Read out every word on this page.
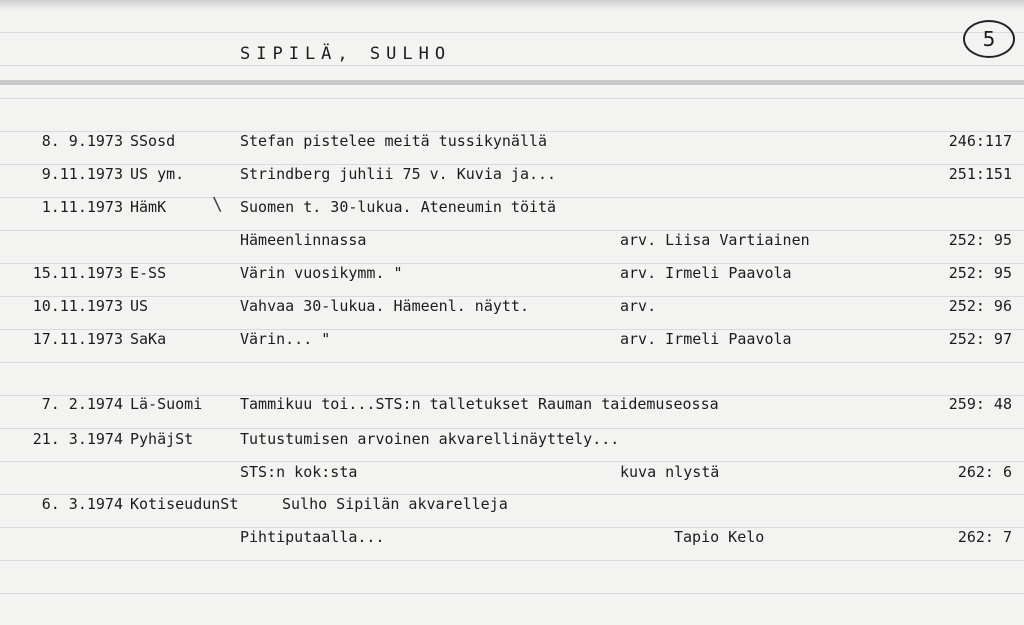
SIPILÄ, SULHO
5
8. 9.1973 SSosd	Stefan pistelee meitä tussikynällä	246:117
9.11.1973 US ym.	Strindberg juhlii 75 v. Kuvia ja...	251:151
1.11.1973 HämK	\ Suomen t. 30-lukua. Ateneumin töitä
Hämeenlinnassa	arv. Liisa Vartiainen	252: 95
15.11.1973 E-SS	Värin vuosikymm. "	arv. Irmeli Paavola	252: 95
10.11.1973 US	Vahvaa 30-lukua. Hämeenl. näytt.	arv.	252: 96
17.11.1973 SaKa	Värin... "	arv. Irmeli Paavola	252: 97
7. 2.1974 Lä-Suomi	Tammikuu toi...STS:n talletukset Rauman taidemuseossa	259: 48
21. 3.1974 PyhäjSt	Tutustumisen arvoinen akvarellinäyttely...
STS:n kok:sta	kuva nlystä	262: 6
6. 3.1974 KotiseudunSt	Sulho Sipilän akvarelleja
Pihtiputaalla...	Tapio Kelo	262: 7
